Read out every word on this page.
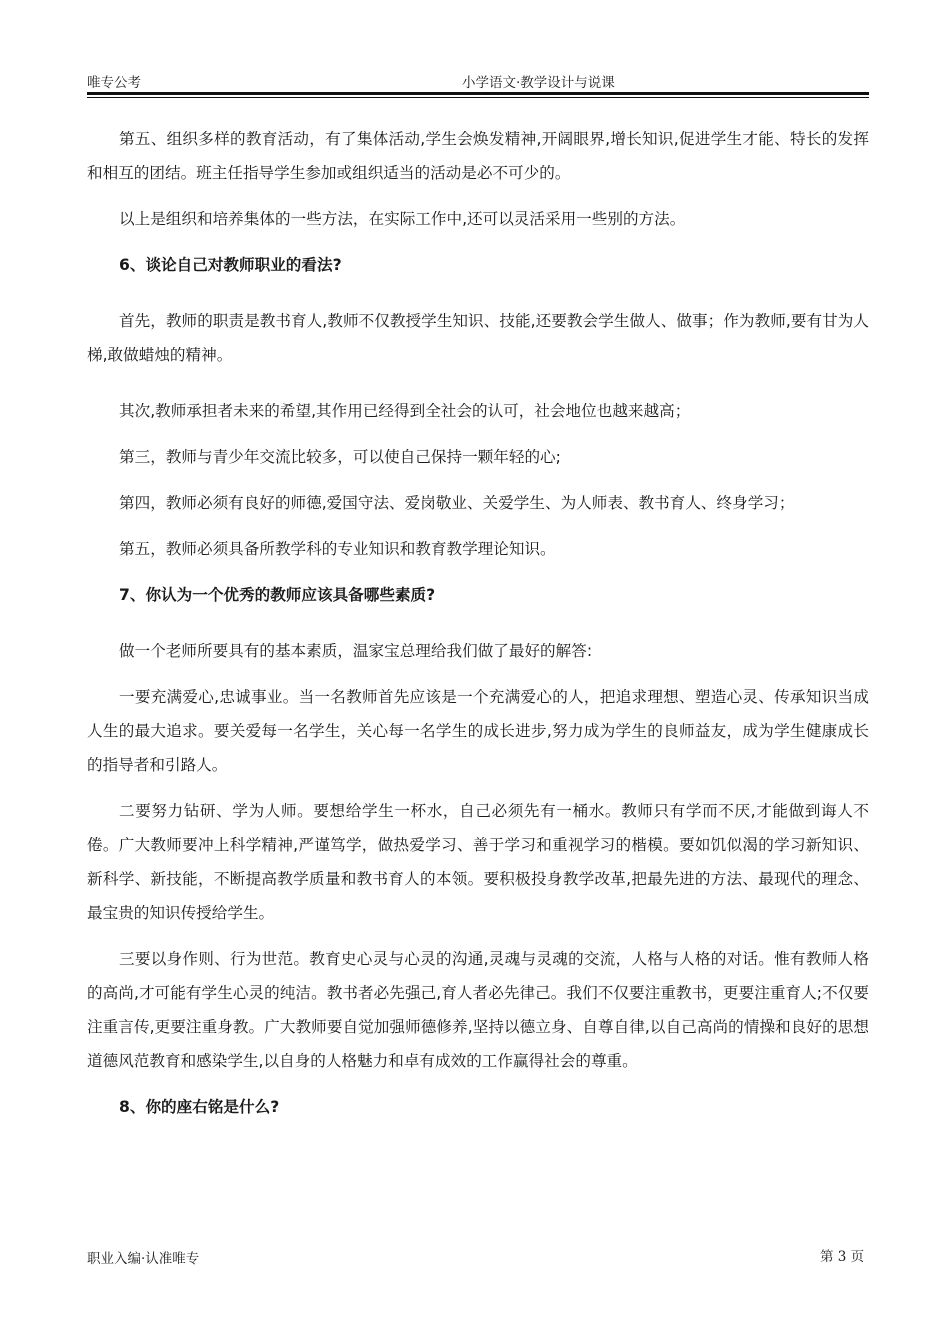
唯专公考	小学语文·教学设计与说课

第五、组织多样的教育活动，有了集体活动,学生会焕发精神,开阔眼界,增长知识,促进学生才能、特长的发挥和相互的团结。班主任指导学生参加或组织适当的活动是必不可少的。

以上是组织和培养集体的一些方法，在实际工作中,还可以灵活采用一些别的方法。

6、谈论自己对教师职业的看法?

首先，教师的职责是教书育人,教师不仅教授学生知识、技能,还要教会学生做人、做事；作为教师,要有甘为人梯,敢做蜡烛的精神。

其次,教师承担者未来的希望,其作用已经得到全社会的认可，社会地位也越来越高；

第三，教师与青少年交流比较多，可以使自己保持一颗年轻的心;

第四，教师必须有良好的师德,爱国守法、爱岗敬业、关爱学生、为人师表、教书育人、终身学习；

第五，教师必须具备所教学科的专业知识和教育教学理论知识。

7、你认为一个优秀的教师应该具备哪些素质?

做一个老师所要具有的基本素质，温家宝总理给我们做了最好的解答:

一要充满爱心,忠诚事业。当一名教师首先应该是一个充满爱心的人，把追求理想、塑造心灵、传承知识当成人生的最大追求。要关爱每一名学生，关心每一名学生的成长进步,努力成为学生的良师益友，成为学生健康成长的指导者和引路人。

二要努力钻研、学为人师。要想给学生一杯水，自己必须先有一桶水。教师只有学而不厌,才能做到诲人不倦。广大教师要冲上科学精神,严谨笃学，做热爱学习、善于学习和重视学习的楷模。要如饥似渴的学习新知识、新科学、新技能，不断提高教学质量和教书育人的本领。要积极投身教学改革,把最先进的方法、最现代的理念、最宝贵的知识传授给学生。

三要以身作则、行为世范。教育史心灵与心灵的沟通,灵魂与灵魂的交流，人格与人格的对话。惟有教师人格的高尚,才可能有学生心灵的纯洁。教书者必先强己,育人者必先律己。我们不仅要注重教书，更要注重育人;不仅要注重言传,更要注重身教。广大教师要自觉加强师德修养,坚持以德立身、自尊自律,以自己高尚的情操和良好的思想道德风范教育和感染学生,以自身的人格魅力和卓有成效的工作赢得社会的尊重。

8、你的座右铭是什么?

职业入编·认准唯专	第 3 页
